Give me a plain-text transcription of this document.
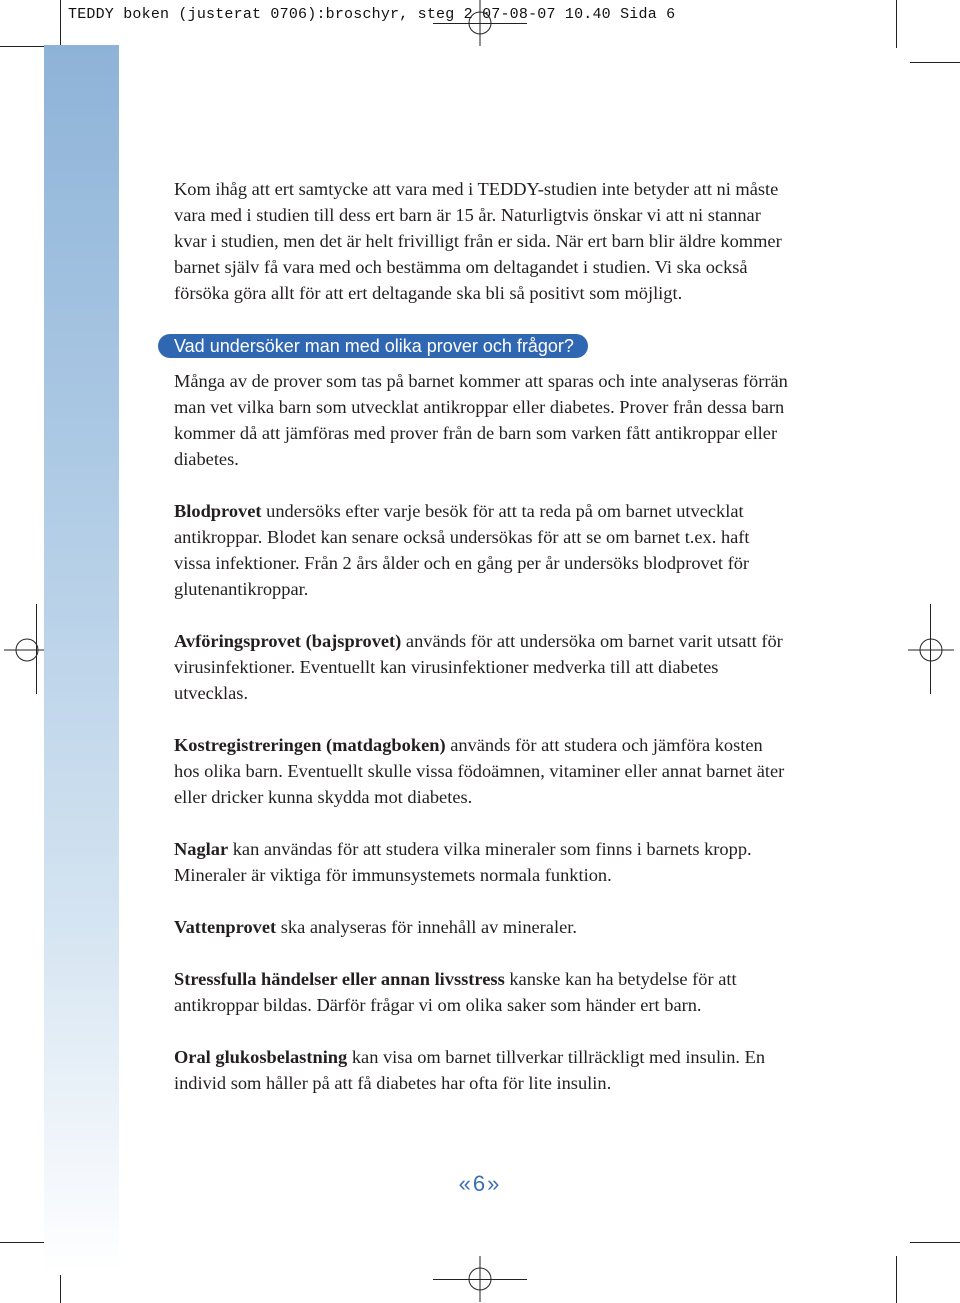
TEDDY boken (justerat 0706):broschyr, steg 2 07-08-07 10.40 Sida 6

Kom ihåg att ert samtycke att vara med i TEDDY-studien inte betyder att ni måste vara med i studien till dess ert barn är 15 år. Naturligtvis önskar vi att ni stannar kvar i studien, men det är helt frivilligt från er sida. När ert barn blir äldre kommer barnet själv få vara med och bestämma om deltagandet i studien. Vi ska också försöka göra allt för att ert deltagande ska bli så positivt som möjligt.

Vad undersöker man med olika prover och frågor?

Många av de prover som tas på barnet kommer att sparas och inte analyseras förrän man vet vilka barn som utvecklat antikroppar eller diabetes. Prover från dessa barn kommer då att jämföras med prover från de barn som varken fått antikroppar eller diabetes.

Blodprovet undersöks efter varje besök för att ta reda på om barnet utvecklat antikroppar. Blodet kan senare också undersökas för att se om barnet t.ex. haft vissa infektioner. Från 2 års ålder och en gång per år undersöks blodprovet för glutenantikroppar.

Avföringsprovet (bajsprovet) används för att undersöka om barnet varit utsatt för virusinfektioner. Eventuellt kan virusinfektioner medverka till att diabetes utvecklas.

Kostregistreringen (matdagboken) används för att studera och jämföra kosten hos olika barn. Eventuellt skulle vissa födoämnen, vitaminer eller annat barnet äter eller dricker kunna skydda mot diabetes.

Naglar kan användas för att studera vilka mineraler som finns i barnets kropp. Mineraler är viktiga för immunsystemets normala funktion.

Vattenprovet ska analyseras för innehåll av mineraler.

Stressfulla händelser eller annan livsstress kanske kan ha betydelse för att antikroppar bildas. Därför frågar vi om olika saker som händer ert barn.

Oral glukosbelastning kan visa om barnet tillverkar tillräckligt med insulin. En individ som håller på att få diabetes har ofta för lite insulin.

«6»
